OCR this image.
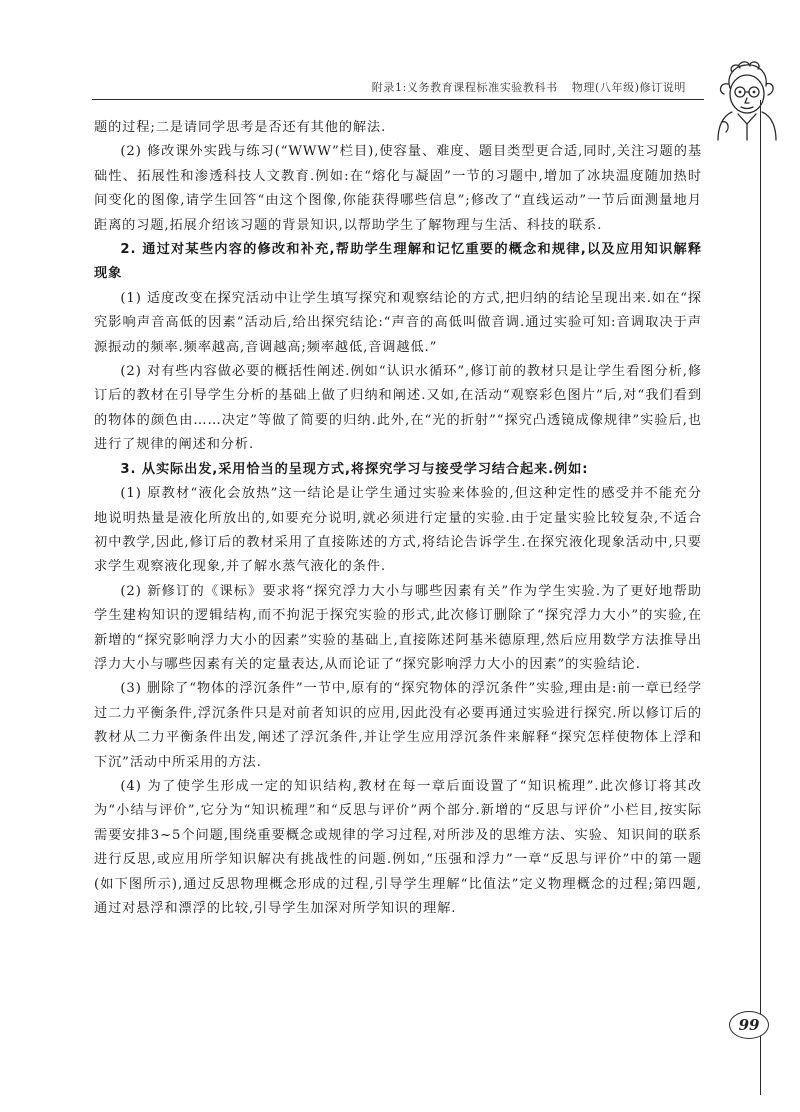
附录1:义务教育课程标准实验教科书 物理(八年级)修订说明

题的过程;二是请同学思考是否还有其他的解法.

(2) 修改课外实践与练习(“WWW”栏目),使容量、难度、题目类型更合适,同时,关注习题的基础性、拓展性和渗透科技人文教育.例如:在“熔化与凝固”一节的习题中,增加了冰块温度随加热时间变化的图像,请学生回答“由这个图像,你能获得哪些信息”;修改了“直线运动”一节后面测量地月距离的习题,拓展介绍该习题的背景知识,以帮助学生了解物理与生活、科技的联系.

2. 通过对某些内容的修改和补充,帮助学生理解和记忆重要的概念和规律,以及应用知识解释现象

(1) 适度改变在探究活动中让学生填写探究和观察结论的方式,把归纳的结论呈现出来.如在“探究影响声音高低的因素”活动后,给出探究结论:“声音的高低叫做音调.通过实验可知:音调取决于声源振动的频率.频率越高,音调越高;频率越低,音调越低.”

(2) 对有些内容做必要的概括性阐述.例如“认识水循环”,修订前的教材只是让学生看图分析,修订后的教材在引导学生分析的基础上做了归纳和阐述.又如,在活动“观察彩色图片”后,对“我们看到的物体的颜色由……决定”等做了简要的归纳.此外,在“光的折射”“探究凸透镜成像规律”实验后,也进行了规律的阐述和分析.

3. 从实际出发,采用恰当的呈现方式,将探究学习与接受学习结合起来.例如:

(1) 原教材“液化会放热”这一结论是让学生通过实验来体验的,但这种定性的感受并不能充分地说明热量是液化所放出的,如要充分说明,就必须进行定量的实验.由于定量实验比较复杂,不适合初中教学,因此,修订后的教材采用了直接陈述的方式,将结论告诉学生.在探究液化现象活动中,只要求学生观察液化现象,并了解水蒸气液化的条件.

(2) 新修订的《课标》要求将“探究浮力大小与哪些因素有关”作为学生实验.为了更好地帮助学生建构知识的逻辑结构,而不拘泥于探究实验的形式,此次修订删除了“探究浮力大小”的实验,在新增的“探究影响浮力大小的因素”实验的基础上,直接陈述阿基米德原理,然后应用数学方法推导出浮力大小与哪些因素有关的定量表达,从而论证了“探究影响浮力大小的因素”的实验结论.

(3) 删除了“物体的浮沉条件”一节中,原有的“探究物体的浮沉条件”实验,理由是:前一章已经学过二力平衡条件,浮沉条件只是对前者知识的应用,因此没有必要再通过实验进行探究.所以修订后的教材从二力平衡条件出发,阐述了浮沉条件,并让学生应用浮沉条件来解释“探究怎样使物体上浮和下沉”活动中所采用的方法.

(4) 为了使学生形成一定的知识结构,教材在每一章后面设置了“知识梳理”.此次修订将其改为“小结与评价”,它分为“知识梳理”和“反思与评价”两个部分.新增的“反思与评价”小栏目,按实际需要安排3~5个问题,围绕重要概念或规律的学习过程,对所涉及的思维方法、实验、知识间的联系进行反思,或应用所学知识解决有挑战性的问题.例如,“压强和浮力”一章“反思与评价”中的第一题(如下图所示),通过反思物理概念形成的过程,引导学生理解“比值法”定义物理概念的过程;第四题,通过对悬浮和漂浮的比较,引导学生加深对所学知识的理解.

99
